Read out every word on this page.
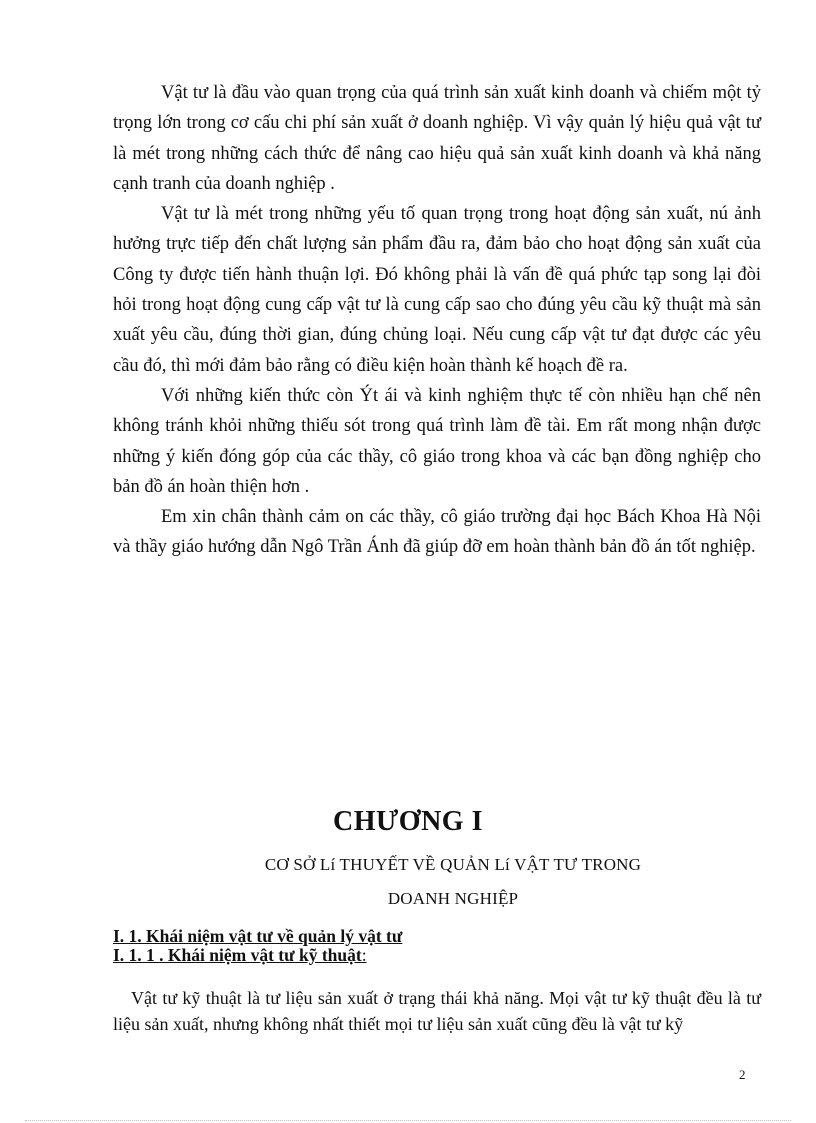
Vật tư là đầu vào quan trọng của quá trình sản xuất kinh doanh và chiếm một tỷ trọng lớn trong cơ cấu chi phí sản xuất ở doanh nghiệp. Vì vậy quản lý hiệu quả vật tư là mét trong những cách thức để nâng cao hiệu quả sản xuất kinh doanh và khả năng cạnh tranh của doanh nghiệp .

Vật tư là mét trong những yếu tố quan trọng trong hoạt động sản xuất, nú ảnh hưởng trực tiếp đến chất lượng sản phẩm đầu ra, đảm bảo cho hoạt động sản xuất của Công ty được tiến hành thuận lợi. Đó không phải là vấn đề quá phức tạp song lại đòi hỏi trong hoạt động cung cấp vật tư là cung cấp sao cho đúng yêu cầu kỹ thuật mà sản xuất yêu cầu, đúng thời gian, đúng chủng loại. Nếu cung cấp vật tư đạt được các yêu cầu đó, thì mới đảm bảo rằng có điều kiện hoàn thành kế hoạch đề ra.

Với những kiến thức còn Ýt ái và kinh nghiệm thực tế còn nhiều hạn chế nên không tránh khỏi những thiếu sót trong quá trình làm đề tài. Em rất mong nhận được những ý kiến đóng góp của các thầy, cô giáo trong khoa và các bạn đồng nghiệp cho bản đồ án hoàn thiện hơn .

Em xin chân thành cảm on các thầy, cô giáo trường đại học Bách Khoa Hà Nội và thầy giáo hướng dẫn Ngô Trần Ánh đã giúp đỡ em hoàn thành bản đồ án tốt nghiệp.

CHƯƠNG I
CƠ SỞ Lí THUYẾT VỀ QUẢN Lí VẬT TƯ TRONG
DOANH NGHIỆP
I. 1. Khái niệm vật tư về quản lý vật tư
I. 1. 1 . Khái niệm vật tư kỹ thuật:

Vật tư kỹ thuật là tư liệu sản xuất ở trạng thái khả năng. Mọi vật tư kỹ thuật đều là tư liệu sản xuất, nhưng không nhất thiết mọi tư liệu sản xuất cũng đều là vật tư kỹ

2
